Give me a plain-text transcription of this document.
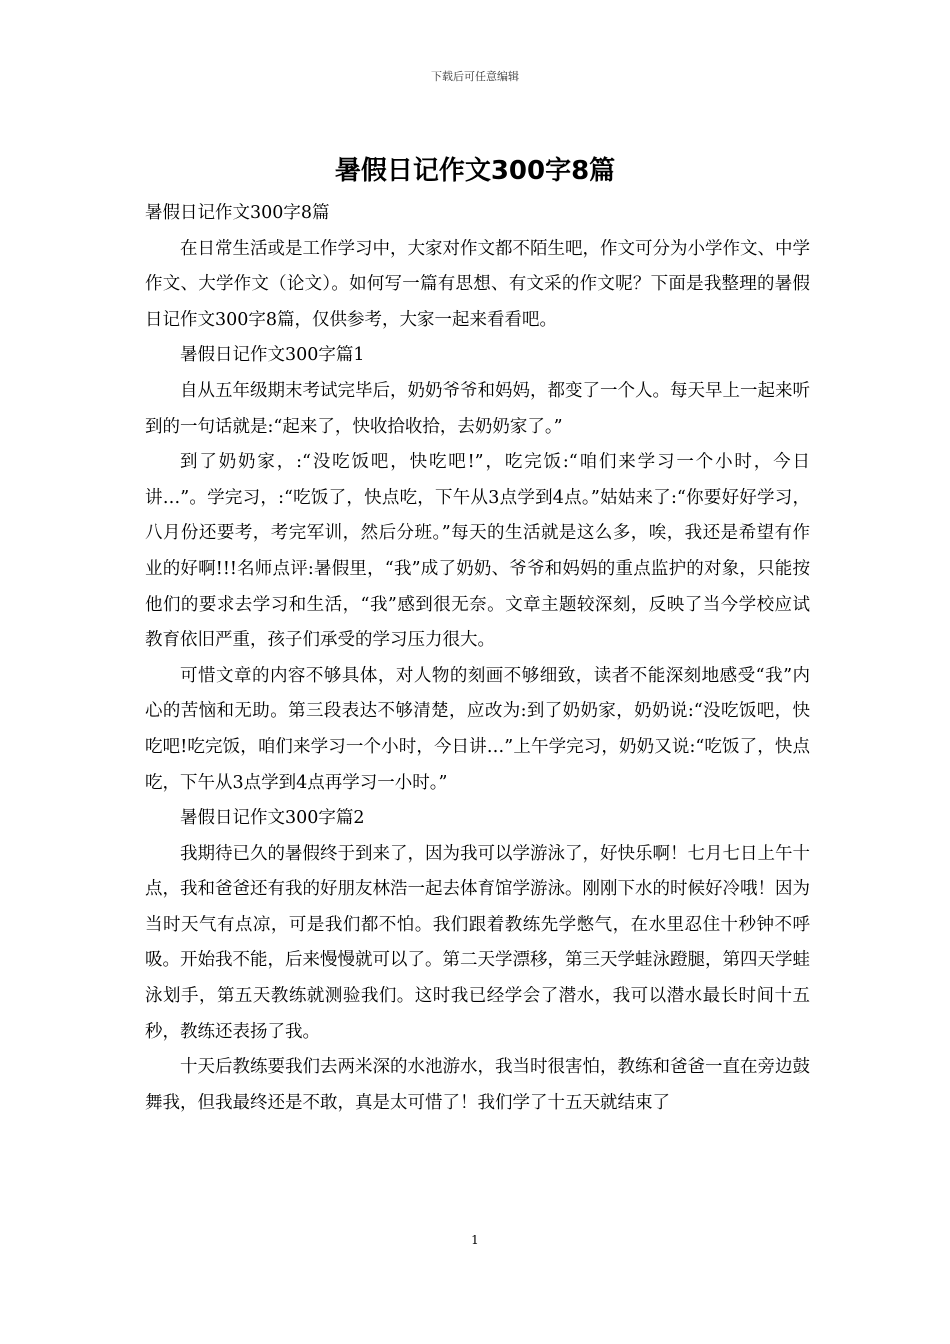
下载后可任意编辑
暑假日记作文300字8篇

暑假日记作文300字8篇

在日常生活或是工作学习中，大家对作文都不陌生吧，作文可分为小学作文、中学作文、大学作文（论文）。如何写一篇有思想、有文采的作文呢？下面是我整理的暑假日记作文300字8篇，仅供参考，大家一起来看看吧。

暑假日记作文300字篇1

自从五年级期末考试完毕后，奶奶爷爷和妈妈，都变了一个人。每天早上一起来听到的一句话就是:“起来了，快收拾收拾，去奶奶家了。”

到了奶奶家，:“没吃饭吧，快吃吧!”，吃完饭:“咱们来学习一个小时，今日讲…”。学完习，:“吃饭了，快点吃，下午从3点学到4点。”姑姑来了:“你要好好学习，八月份还要考，考完军训，然后分班。”每天的生活就是这么多，唉，我还是希望有作业的好啊!!!名师点评:暑假里，“我”成了奶奶、爷爷和妈妈的重点监护的对象，只能按他们的要求去学习和生活，“我”感到很无奈。文章主题较深刻，反映了当今学校应试教育依旧严重，孩子们承受的学习压力很大。

可惜文章的内容不够具体，对人物的刻画不够细致，读者不能深刻地感受“我”内心的苦恼和无助。第三段表达不够清楚，应改为:到了奶奶家，奶奶说:“没吃饭吧，快吃吧!吃完饭，咱们来学习一个小时，今日讲…”上午学完习，奶奶又说:“吃饭了，快点吃，下午从3点学到4点再学习一小时。”

暑假日记作文300字篇2

我期待已久的暑假终于到来了，因为我可以学游泳了，好快乐啊！七月七日上午十点，我和爸爸还有我的好朋友林浩一起去体育馆学游泳。刚刚下水的时候好冷哦！因为当时天气有点凉，可是我们都不怕。我们跟着教练先学憋气，在水里忍住十秒钟不呼吸。开始我不能，后来慢慢就可以了。第二天学漂移，第三天学蛙泳蹬腿，第四天学蛙泳划手，第五天教练就测验我们。这时我已经学会了潜水，我可以潜水最长时间十五秒，教练还表扬了我。

十天后教练要我们去两米深的水池游水，我当时很害怕，教练和爸爸一直在旁边鼓舞我，但我最终还是不敢，真是太可惜了！我们学了十五天就结束了

1
